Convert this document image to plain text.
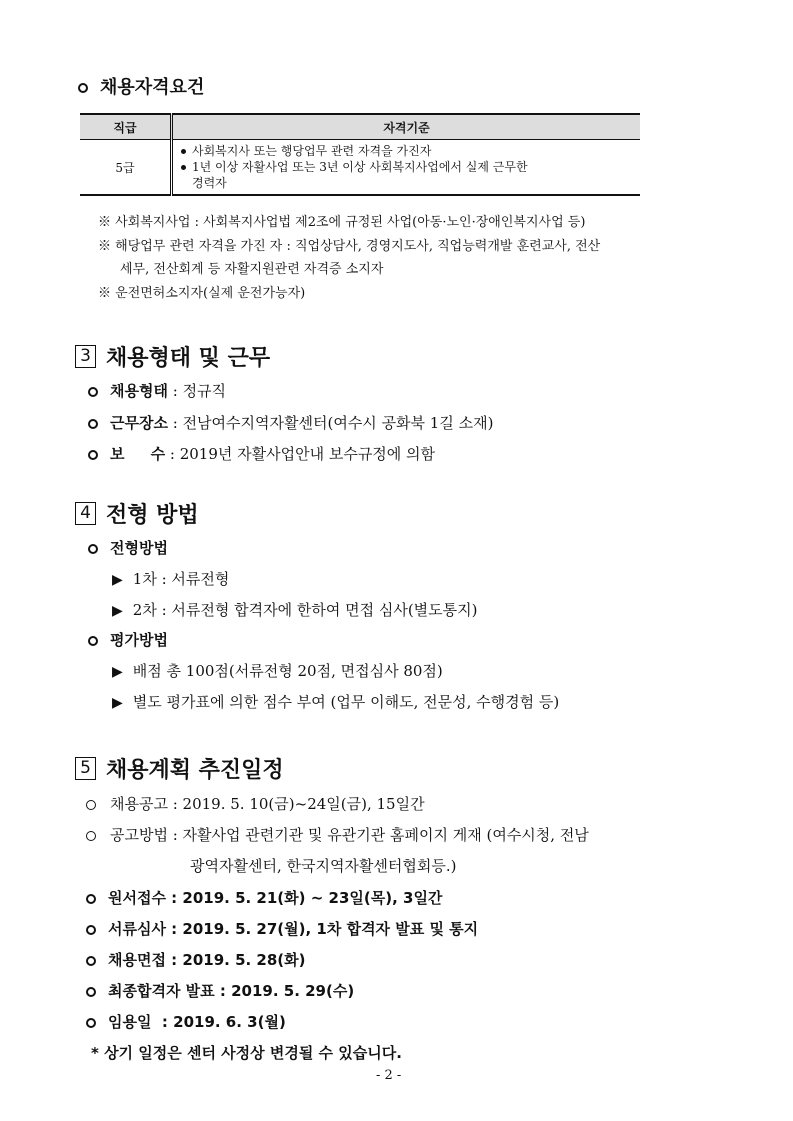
채용자격요건
직급	자격기준
5급	사회복지사 또는 행당업무 관련 자격을 가진자
1년 이상 자활사업 또는 3년 이상 사회복지사업에서 실제 근무한
경력자
※ 사회복지사업 : 사회복지사업법 제2조에 규정된 사업(아동·노인·장애인복지사업 등)
※ 해당업무 관련 자격을 가진 자 : 직업상담사, 경영지도사, 직업능력개발 훈련교사, 전산
세무, 전산회계 등 자활지원관련 자격증 소지자
※ 운전면허소지자(실제 운전가능자)
3 채용형태 및 근무
채용형태 : 정규직
근무장소 : 전남여수지역자활센터(여수시 공화북 1길 소재)
보     수 : 2019년 자활사업안내 보수규정에 의함
4 전형 방법
전형방법
▶ 1차 : 서류전형
▶ 2차 : 서류전형 합격자에 한하여 면접 심사(별도통지)
평가방법
▶ 배점 총 100점(서류전형 20점, 면접심사 80점)
▶ 별도 평가표에 의한 점수 부여 (업무 이해도, 전문성, 수행경험 등)
5 채용계획 추진일정
채용공고 : 2019. 5. 10(금)~24일(금), 15일간
공고방법 : 자활사업 관련기관 및 유관기관 홈페이지 게재 (여수시청, 전남
광역자활센터, 한국지역자활센터협회등.)
원서접수 : 2019. 5. 21(화) ~ 23일(목), 3일간
서류심사 : 2019. 5. 27(월), 1차 합격자 발표 및 통지
채용면접 : 2019. 5. 28(화)
최종합격자 발표 : 2019. 5. 29(수)
임용일  : 2019. 6. 3(월)
* 상기 일정은 센터 사정상 변경될 수 있습니다.
- 2 -
